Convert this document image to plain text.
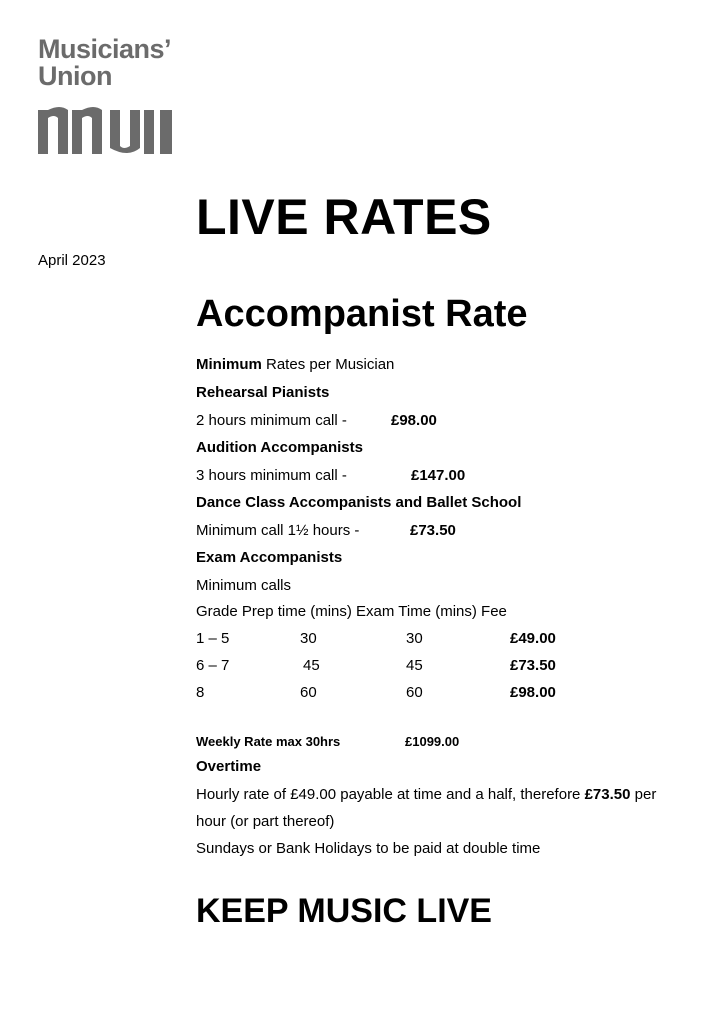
Musicians’
Union
April 2023
LIVE RATES
Accompanist Rate
Minimum Rates per Musician
Rehearsal Pianists
2 hours minimum call -	£98.00
Audition Accompanists
3 hours minimum call -	£147.00
Dance Class Accompanists and Ballet School
Minimum call 1½ hours -	£73.50
Exam Accompanists
Minimum calls
Grade Prep time (mins) Exam Time (mins) Fee
1 – 5	30	30	£49.00
6 – 7	45	45	£73.50
8	60	60	£98.00
Weekly Rate max 30hrs	£1099.00
Overtime
Hourly rate of £49.00 payable at time and a half, therefore £73.50 per
hour (or part thereof)
Sundays or Bank Holidays to be paid at double time
KEEP MUSIC LIVE
